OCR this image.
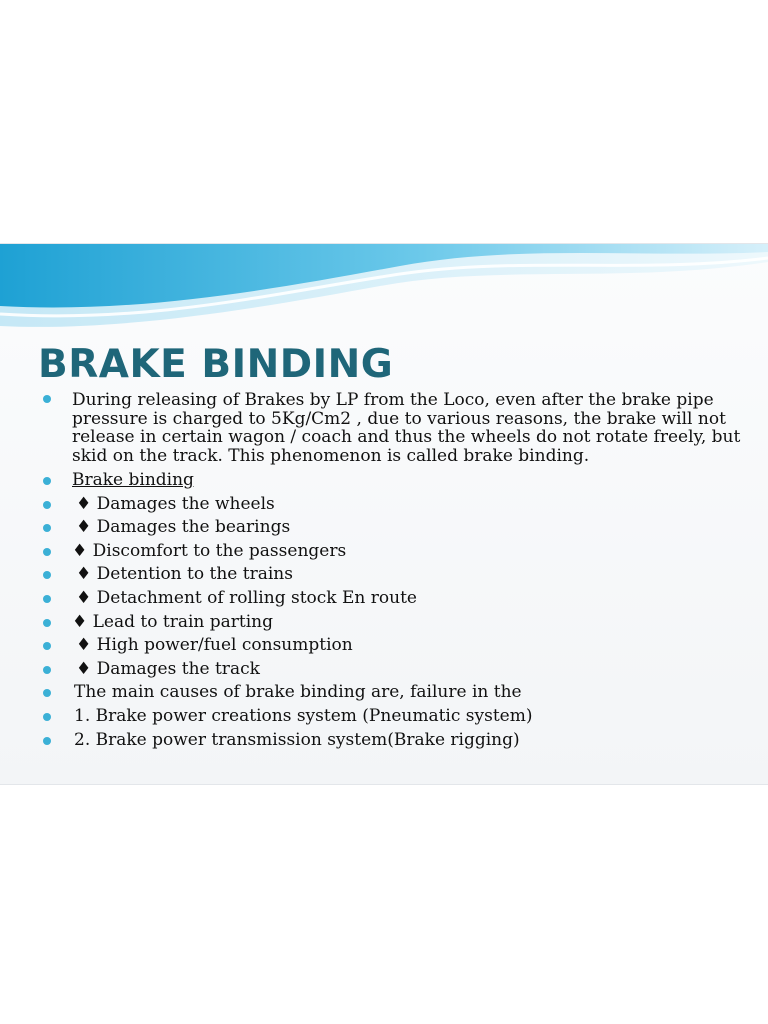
BRAKE BINDING
During releasing of Brakes by LP from the Loco, even after the brake pipe pressure is charged to 5Kg/Cm2 , due to various reasons, the brake will not release in certain wagon / coach and thus the wheels do not rotate freely, but skid on the track. This phenomenon is called brake binding.
Brake binding
♦ Damages the wheels
♦ Damages the bearings
♦ Discomfort to the passengers
♦ Detention to the trains
♦ Detachment of rolling stock En route
♦ Lead to train parting
♦ High power/fuel consumption
♦ Damages the track
The main causes of brake binding are, failure in the
1. Brake power creations system (Pneumatic system)
2. Brake power transmission system(Brake rigging)
